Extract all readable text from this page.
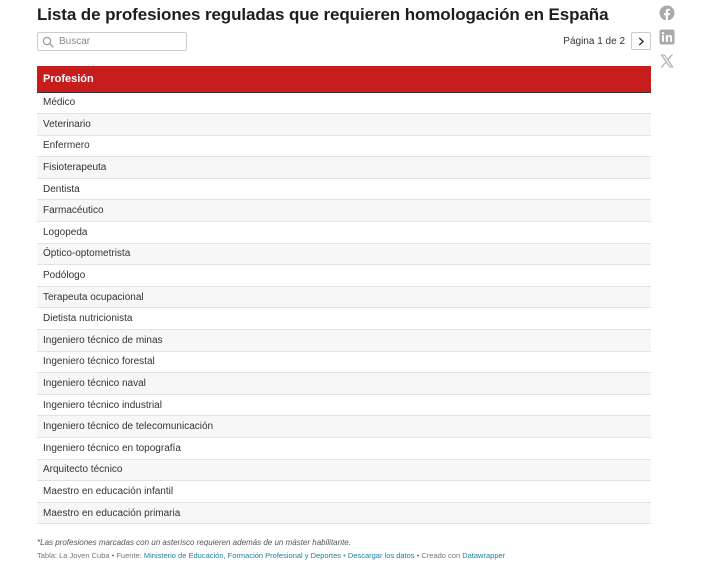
Lista de profesiones reguladas que requieren homologación en España
Buscar
Página 1 de 2
Profesión
Médico
Veterinario
Enfermero
Fisioterapeuta
Dentista
Farmacéutico
Logopeda
Óptico-optometrista
Podólogo
Terapeuta ocupacional
Dietista nutricionista
Ingeniero técnico de minas
Ingeniero técnico forestal
Ingeniero técnico naval
Ingeniero técnico industrial
Ingeniero técnico de telecomunicación
Ingeniero técnico en topografía
Arquitecto técnico
Maestro en educación infantil
Maestro en educación primaria

*Las profesiones marcadas con un asterisco requieren además de un máster habilitante.

Tabla: La Joven Cuba • Fuente: Ministerio de Educación, Formación Profesional y Deportes • Descargar los datos • Creado con Datawrapper
